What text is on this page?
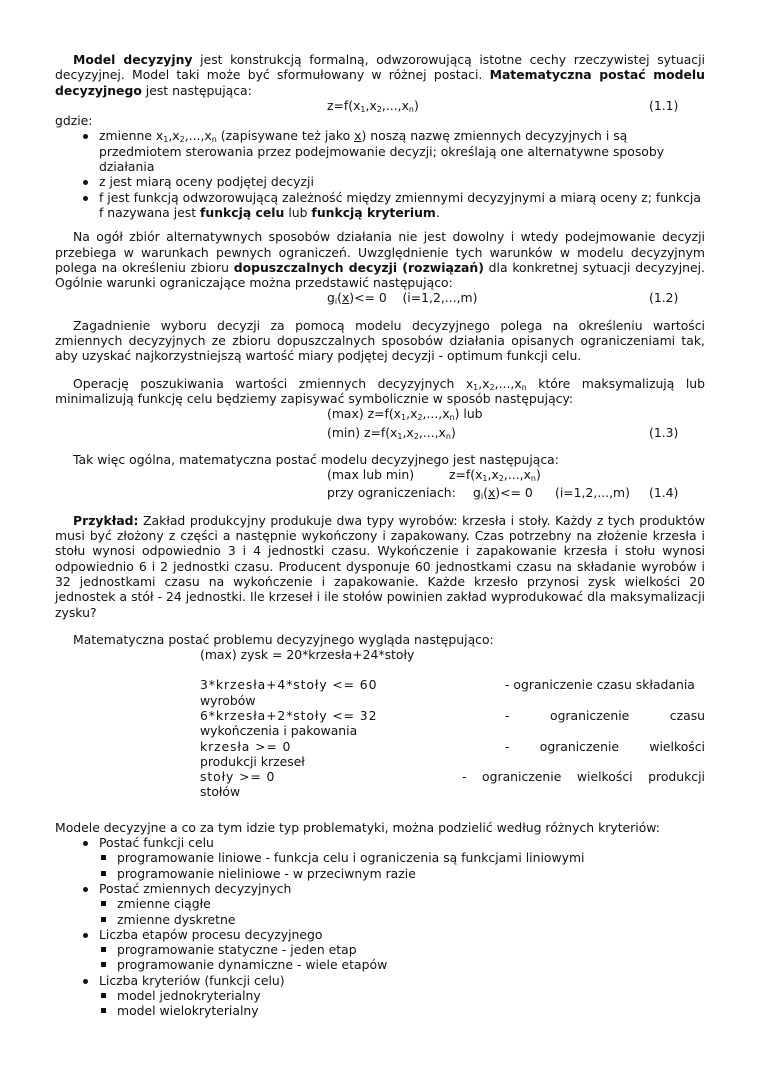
Model decyzyjny jest konstrukcją formalną, odwzorowującą istotne cechy rzeczywistej sytuacji decyzyjnej. Model taki może być sformułowany w różnej postaci. Matematyczna postać modelu decyzyjnego jest następująca:

$z=f(x_1,x_2,...,x_n)$	(1.1)

gdzie:

zmienne $x_1,x_2,...,x_n$ (zapisywane też jako x) noszą nazwę zmiennych decyzyjnych i są przedmiotem sterowania przez podejmowanie decyzji; określają one alternatywne sposoby działania
z jest miarą oceny podjętej decyzji
f jest funkcją odwzorowującą zależność między zmiennymi decyzyjnymi a miarą oceny z; funkcja f nazywana jest funkcją celu lub funkcją kryterium.

Na ogół zbiór alternatywnych sposobów działania nie jest dowolny i wtedy podejmowanie decyzji przebiega w warunkach pewnych ograniczeń. Uwzględnienie tych warunków w modelu decyzyjnym polega na określeniu zbioru dopuszczalnych decyzji (rozwiązań) dla konkretnej sytuacji decyzyjnej. Ogólnie warunki ograniczające można przedstawić następująco:

$g_i(x)<= 0$    (i=1,2,...,m)	(1.2)

Zagadnienie wyboru decyzji za pomocą modelu decyzyjnego polega na określeniu wartości zmiennych decyzyjnych ze zbioru dopuszczalnych sposobów działania opisanych ograniczeniami tak, aby uzyskać najkorzystniejszą wartość miary podjętej decyzji - optimum funkcji celu.

Operację poszukiwania wartości zmiennych decyzyjnych $x_1,x_2,...,x_n$ które maksymalizują lub minimalizują funkcję celu będziemy zapisywać symbolicznie w sposób następujący:

(max) $z=f(x_1,x_2,...,x_n)$ lub
(min) $z=f(x_1,x_2,...,x_n)$	(1.3)

Tak więc ogólna, matematyczna postać modelu decyzyjnego jest następująca:

(max lub min)	$z=f(x_1,x_2,...,x_n)$
przy ograniczeniach: $g_i(x)<= 0$ (i=1,2,...,m) (1.4)

Przykład: Zakład produkcyjny produkuje dwa typy wyrobów: krzesła i stoły. Każdy z tych produktów musi być złożony z części a następnie wykończony i zapakowany. Czas potrzebny na złożenie krzesła i stołu wynosi odpowiednio 3 i 4 jednostki czasu. Wykończenie i zapakowanie krzesła i stołu wynosi odpowiednio 6 i 2 jednostki czasu. Producent dysponuje 60 jednostkami czasu na składanie wyrobów i 32 jednostkami czasu na wykończenie i zapakowanie. Każde krzesło przynosi zysk wielkości 20 jednostek a stół - 24 jednostki. Ile krzeseł i ile stołów powinien zakład wyprodukować dla maksymalizacji zysku?

Matematyczna postać problemu decyzyjnego wygląda następująco:

(max) zysk = 20*krzesła+24*stoły

3*krzesła+4*stoły <= 60	- ograniczenie czasu składania
wyrobów
6*krzesła+2*stoły <= 32	-	ograniczenie	czasu
wykończenia i pakowania
krzesła >= 0	- ograniczenie wielkości
produkcji krzeseł
stoły >= 0	- ograniczenie wielkości produkcji
stołów

Modele decyzyjne a co za tym idzie typ problematyki, można podzielić według różnych kryteriów:

Postać funkcji celu
programowanie liniowe - funkcja celu i ograniczenia są funkcjami liniowymi
programowanie nieliniowe - w przeciwnym razie
Postać zmiennych decyzyjnych
zmienne ciągłe
zmienne dyskretne
Liczba etapów procesu decyzyjnego
programowanie statyczne - jeden etap
programowanie dynamiczne - wiele etapów
Liczba kryteriów (funkcji celu)
model jednokryterialny
model wielokryterialny
